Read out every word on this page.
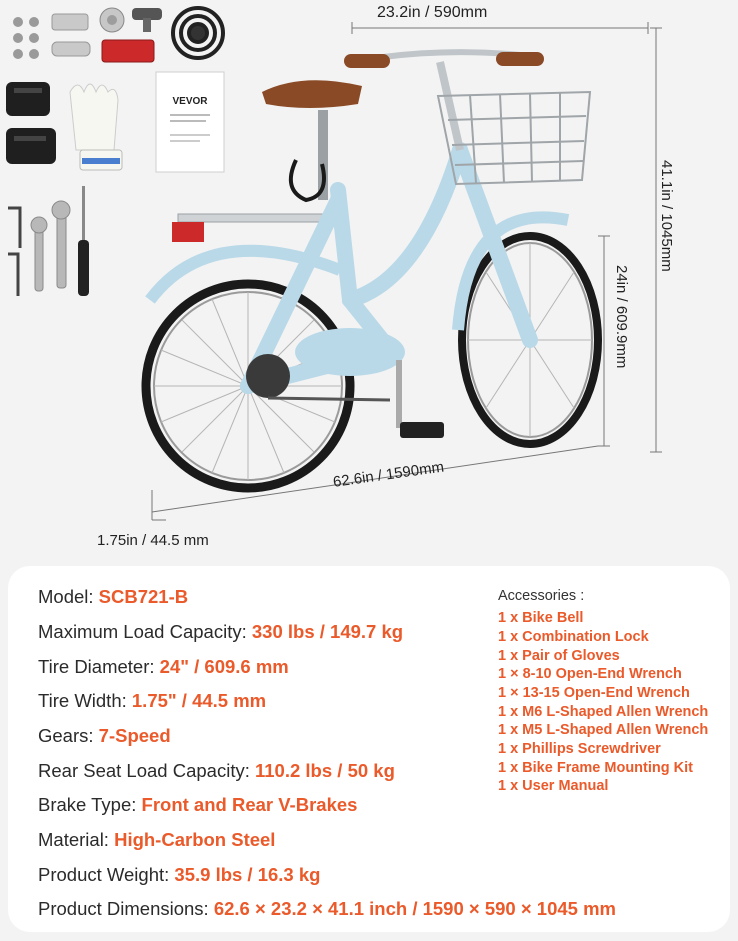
VEVOR
23.2in / 590mm
41.1in / 1045mm
24in / 609.9mm
62.6in / 1590mm
1.75in / 44.5 mm
Model: SCB721-B
Maximum Load Capacity: 330 lbs / 149.7 kg
Tire Diameter: 24" / 609.6 mm
Tire Width: 1.75" / 44.5 mm
Gears: 7-Speed
Rear Seat Load Capacity: 110.2 lbs / 50 kg
Brake Type: Front and Rear V-Brakes
Material: High-Carbon Steel
Product Weight: 35.9 lbs / 16.3 kg
Product Dimensions: 62.6 × 23.2 × 41.1 inch / 1590 × 590 × 1045 mm
Accessories :
1 x Bike Bell
1 x Combination Lock
1 x Pair of Gloves
1 × 8-10 Open-End Wrench
1 × 13-15 Open-End Wrench
1 x M6 L-Shaped Allen Wrench
1 x M5 L-Shaped Allen Wrench
1 x Phillips Screwdriver
1 x Bike Frame Mounting Kit
1 x User Manual
